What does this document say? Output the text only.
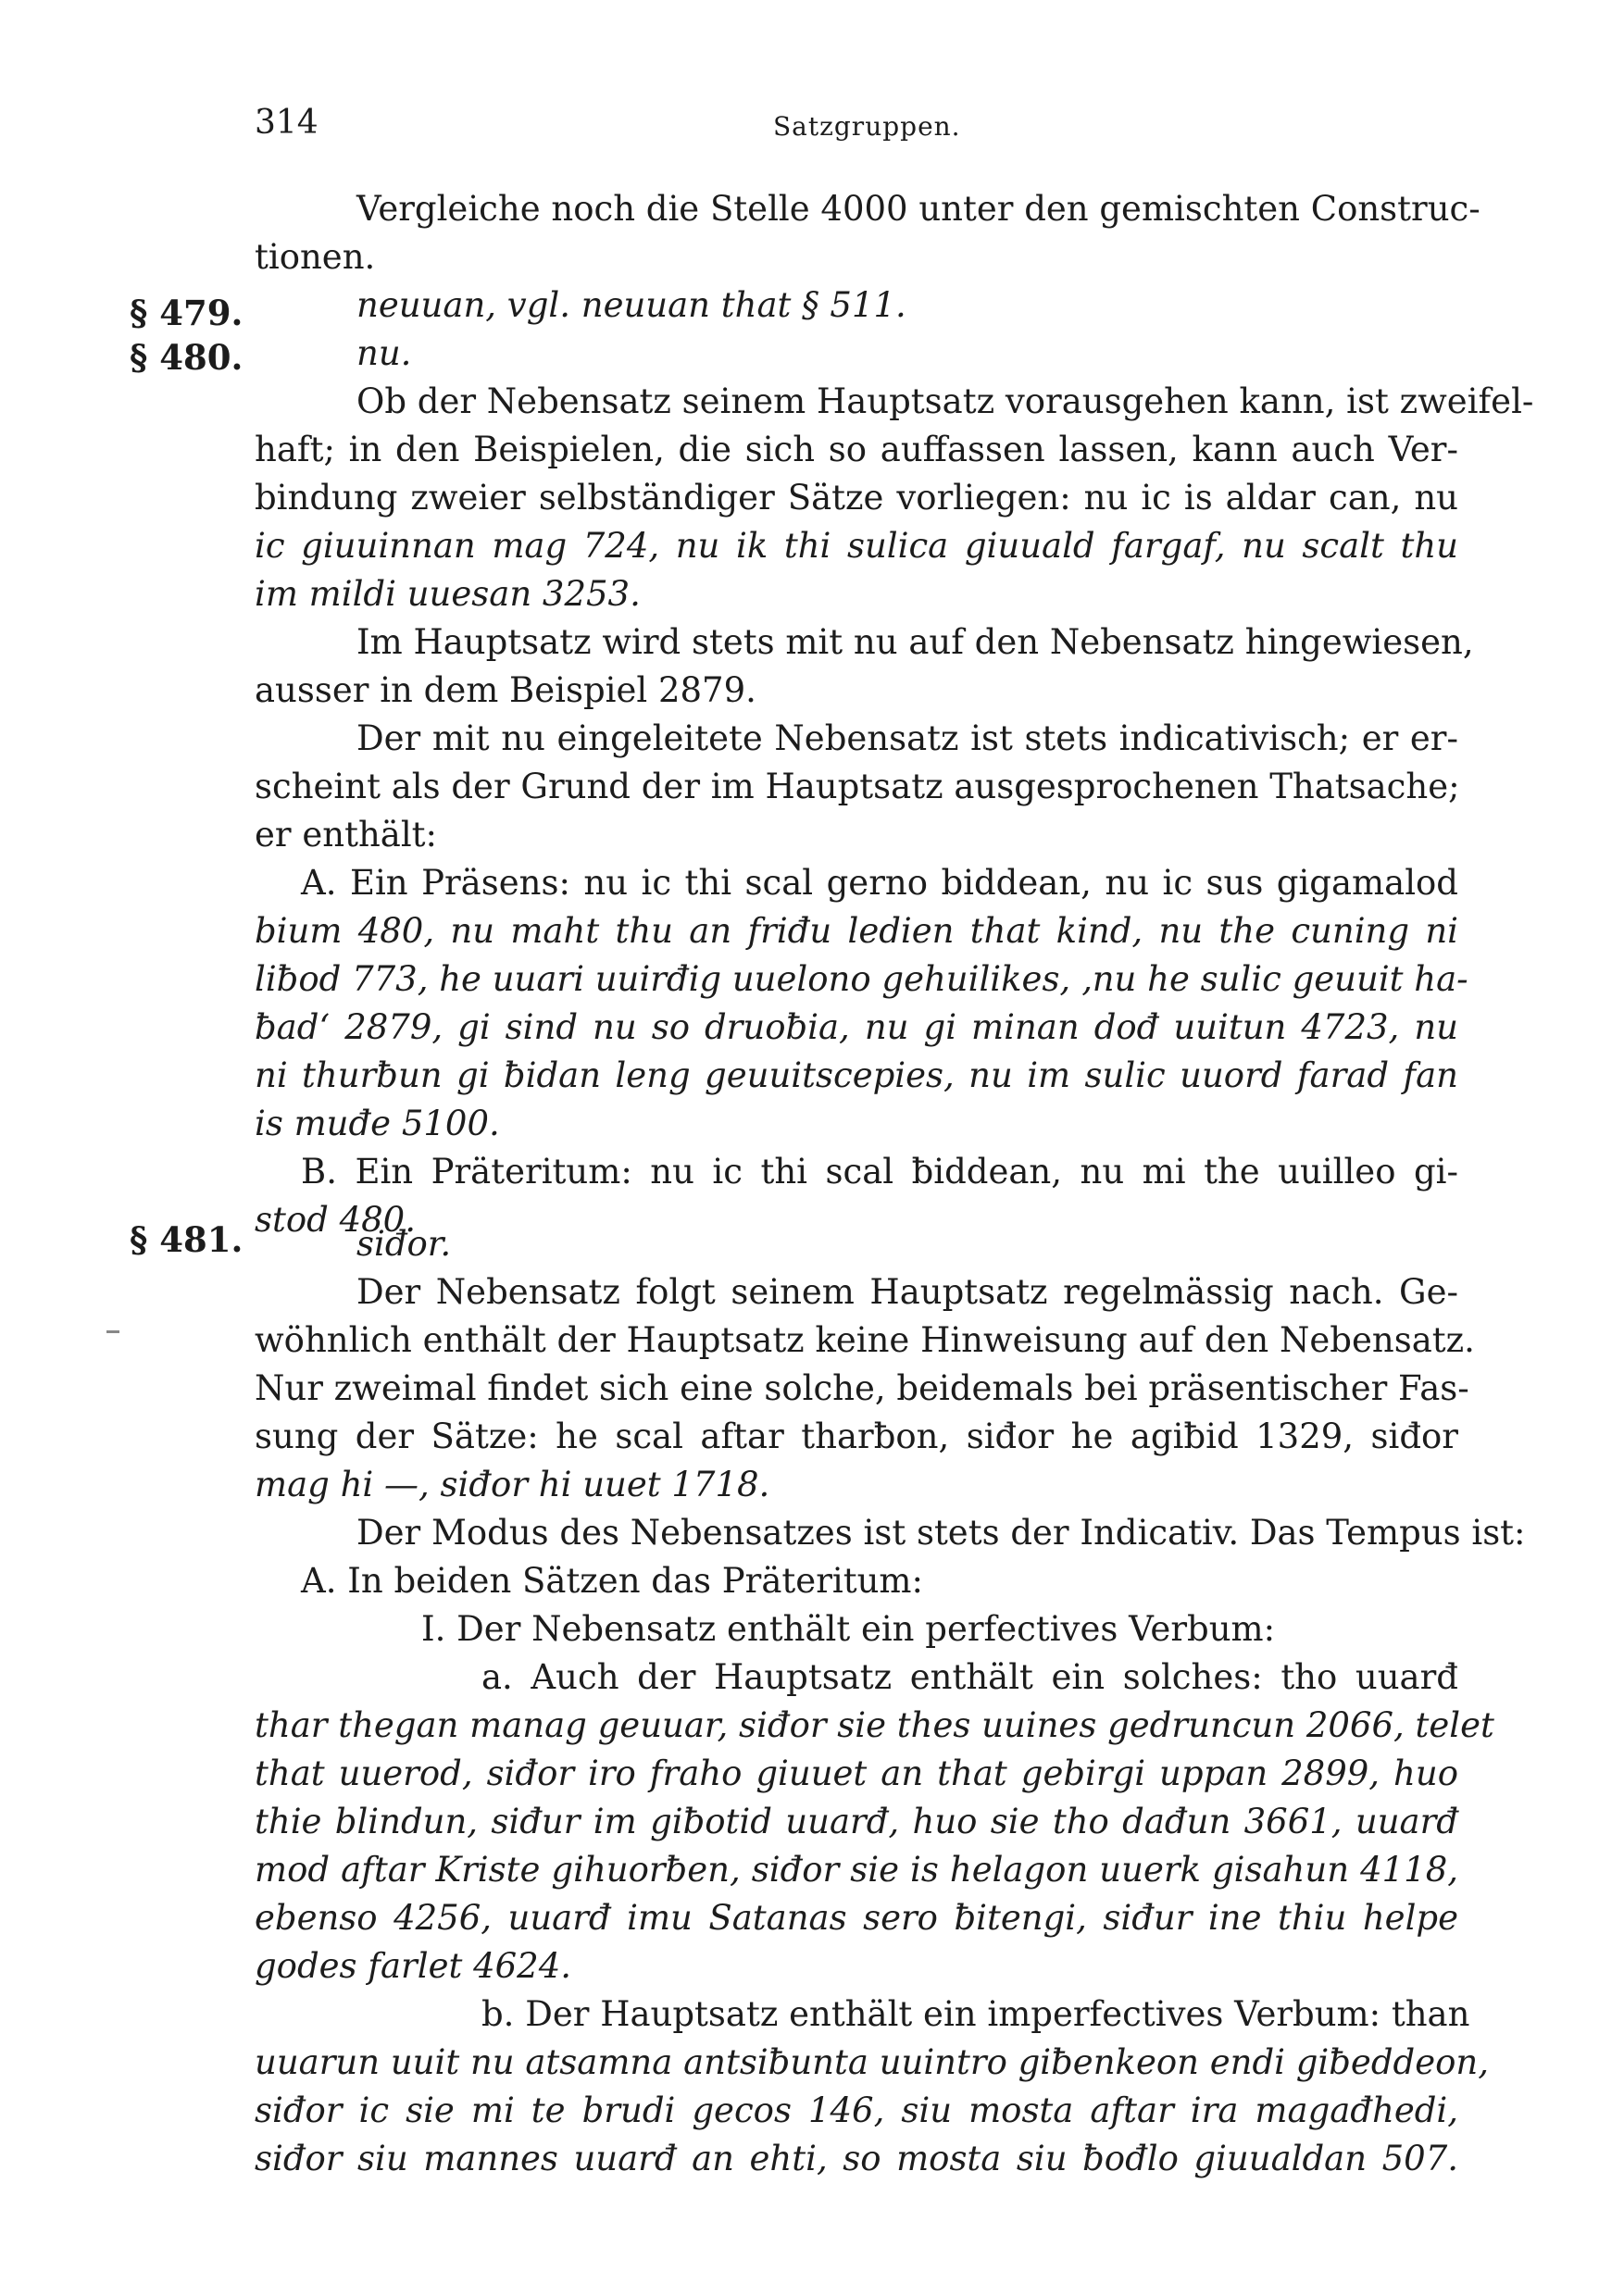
314	Satzgruppen.
§ 479.
§ 480.
§ 481.
Vergleiche noch die Stelle 4000 unter den gemischten Construc-
tionen.
neuuan, vgl. neuuan that § 511.
nu.
Ob der Nebensatz seinem Hauptsatz vorausgehen kann, ist zweifel-
haft; in den Beispielen, die sich so auffassen lassen, kann auch Ver-
bindung zweier selbständiger Sätze vorliegen: nu ic is aldar can, nu
ic giuuinnan mag 724, nu ik thi sulica giuuald fargaf, nu scalt thu
im mildi uuesan 3253.
Im Hauptsatz wird stets mit nu auf den Nebensatz hingewiesen,
ausser in dem Beispiel 2879.
Der mit nu eingeleitete Nebensatz ist stets indicativisch; er er-
scheint als der Grund der im Hauptsatz ausgesprochenen Thatsache;
er enthält:
A. Ein Präsens: nu ic thi scal gerno biddean, nu ic sus gigamalod
bium 480, nu maht thu an friđu ledien that kind, nu the cuning ni
liƀod 773, he uuari uuirđig uuelono gehuilikes, ‚nu he sulic geuuit ha-
ƀad‘ 2879, gi sind nu so druoƀia, nu gi minan dođ uuitun 4723, nu
ni thurƀun gi ƀidan leng geuuitscepies, nu im sulic uuord farad fan
is muđe 5100.
B. Ein Präteritum: nu ic thi scal ƀiddean, nu mi the uuilleo gi-
stod 480.
siđor.
Der Nebensatz folgt seinem Hauptsatz regelmässig nach. Ge-
wöhnlich enthält der Hauptsatz keine Hinweisung auf den Nebensatz.
Nur zweimal findet sich eine solche, beidemals bei präsentischer Fas-
sung der Sätze: he scal aftar tharƀon, siđor he agiƀid 1329, siđor
mag hi —, siđor hi uuet 1718.
Der Modus des Nebensatzes ist stets der Indicativ. Das Tempus ist:
A. In beiden Sätzen das Präteritum:
I. Der Nebensatz enthält ein perfectives Verbum:
a. Auch der Hauptsatz enthält ein solches: tho uuarđ
thar thegan manag geuuar, siđor sie thes uuines gedruncun 2066, telet
that uuerod, siđor iro fraho giuuet an that gebirgi uppan 2899, huo
thie blindun, siđur im giƀotid uuarđ, huo sie tho dađun 3661, uuarđ
mod aftar Kriste gihuorƀen, siđor sie is helagon uuerk gisahun 4118,
ebenso 4256, uuarđ imu Satanas sero ƀitengi, siđur ine thiu helpe
godes farlet 4624.
b. Der Hauptsatz enthält ein imperfectives Verbum: than
uuarun uuit nu atsamna antsiƀunta uuintro giƀenkeon endi giƀeddeon,
siđor ic sie mi te brudi gecos 146, siu mosta aftar ira magađhedi,
siđor siu mannes uuarđ an ehti, so mosta siu ƀođlo giuualdan 507.
